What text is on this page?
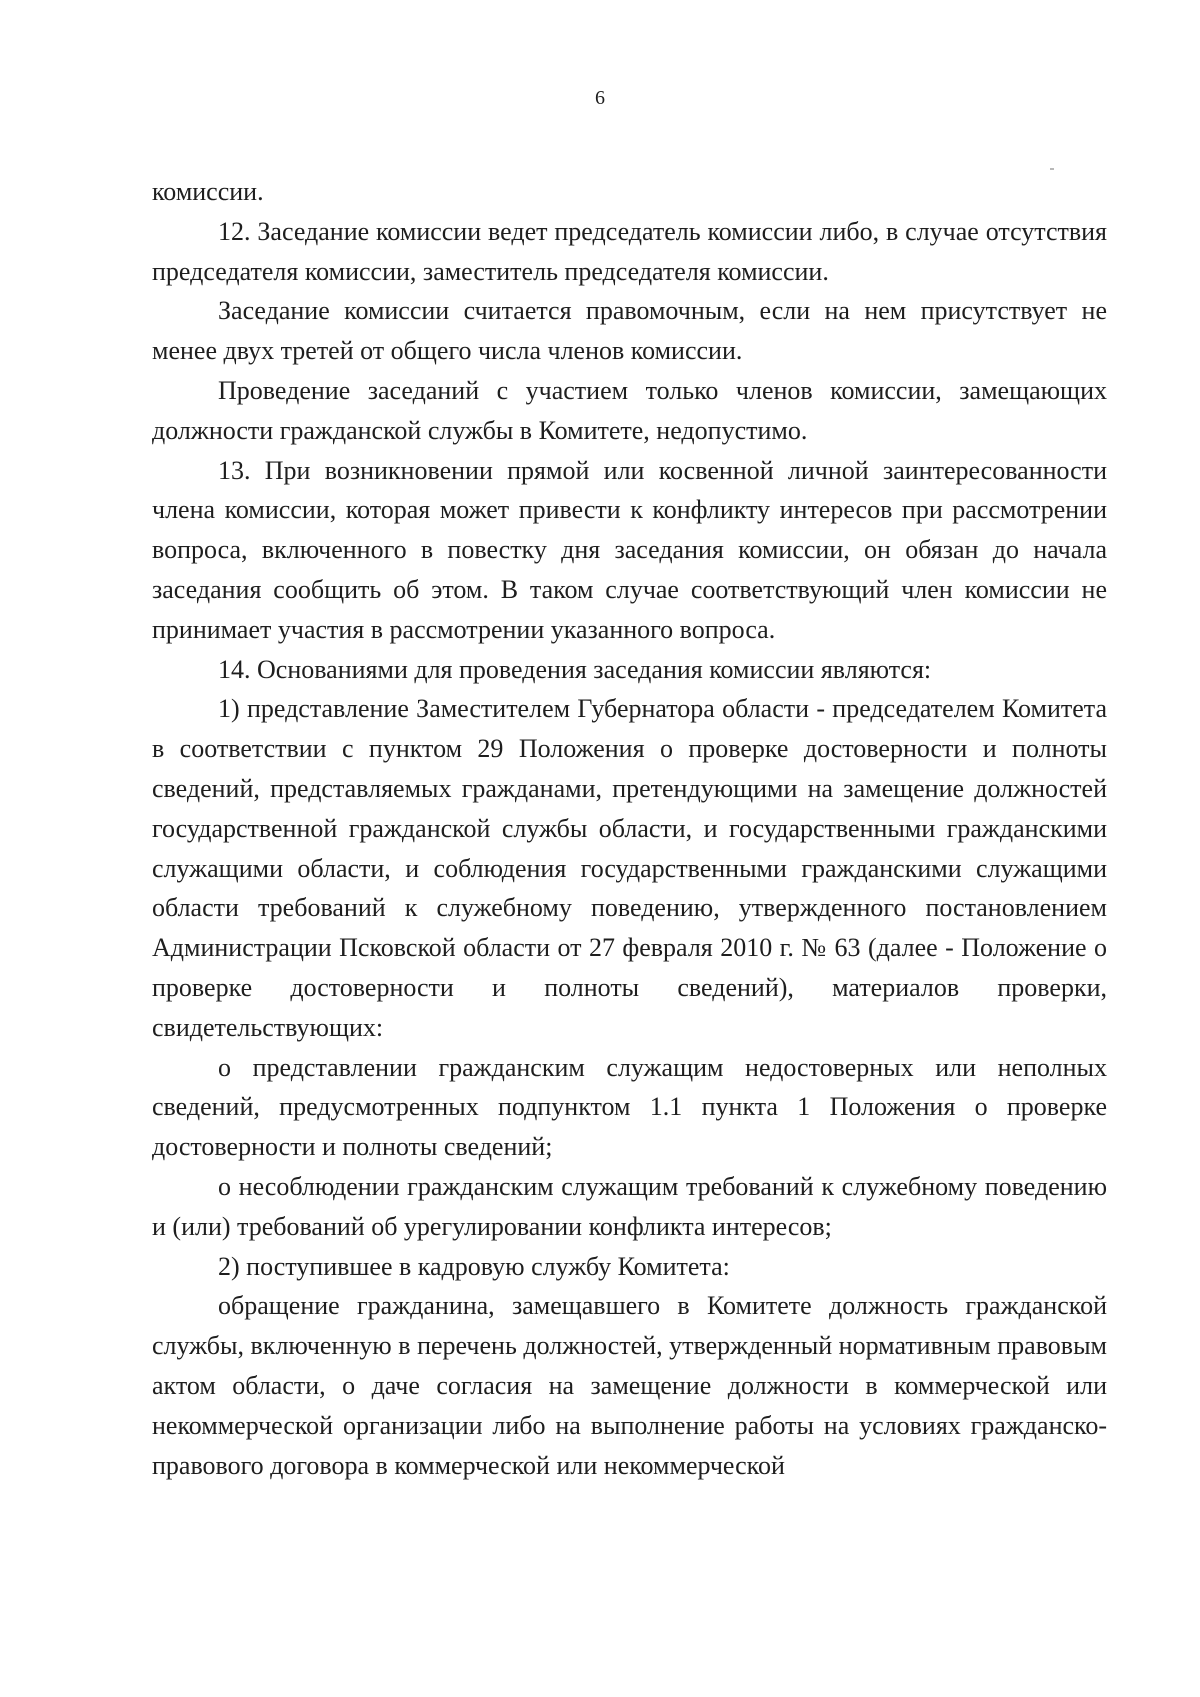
6

комиссии.

12. Заседание комиссии ведет председатель комиссии либо, в случае отсутствия председателя комиссии, заместитель председателя комиссии.

Заседание комиссии считается правомочным, если на нем присутствует не менее двух третей от общего числа членов комиссии.

Проведение заседаний с участием только членов комиссии, замещающих должности гражданской службы в Комитете, недопустимо.

13. При возникновении прямой или косвенной личной заинтересованности члена комиссии, которая может привести к конфликту интересов при рассмотрении вопроса, включенного в повестку дня заседания комиссии, он обязан до начала заседания сообщить об этом. В таком случае соответствующий член комиссии не принимает участия в рассмотрении указанного вопроса.

14. Основаниями для проведения заседания комиссии являются:

1) представление Заместителем Губернатора области - председателем Комитета в соответствии с пунктом 29 Положения о проверке достоверности и полноты сведений, представляемых гражданами, претендующими на замещение должностей государственной гражданской службы области, и государственными гражданскими служащими области, и соблюдения государственными гражданскими служащими области требований к служебному поведению, утвержденного постановлением Администрации Псковской области от 27 февраля 2010 г. № 63 (далее - Положение о проверке достоверности и полноты сведений), материалов проверки, свидетельствующих:

о представлении гражданским служащим недостоверных или неполных сведений, предусмотренных подпунктом 1.1 пункта 1 Положения о проверке достоверности и полноты сведений;

о несоблюдении гражданским служащим требований к служебному поведению и (или) требований об урегулировании конфликта интересов;

2) поступившее в кадровую службу Комитета:

обращение гражданина, замещавшего в Комитете должность гражданской службы, включенную в перечень должностей, утвержденный нормативным правовым актом области, о даче согласия на замещение должности в коммерческой или некоммерческой организации либо на выполнение работы на условиях гражданско-правового договора в коммерческой или некоммерческой
